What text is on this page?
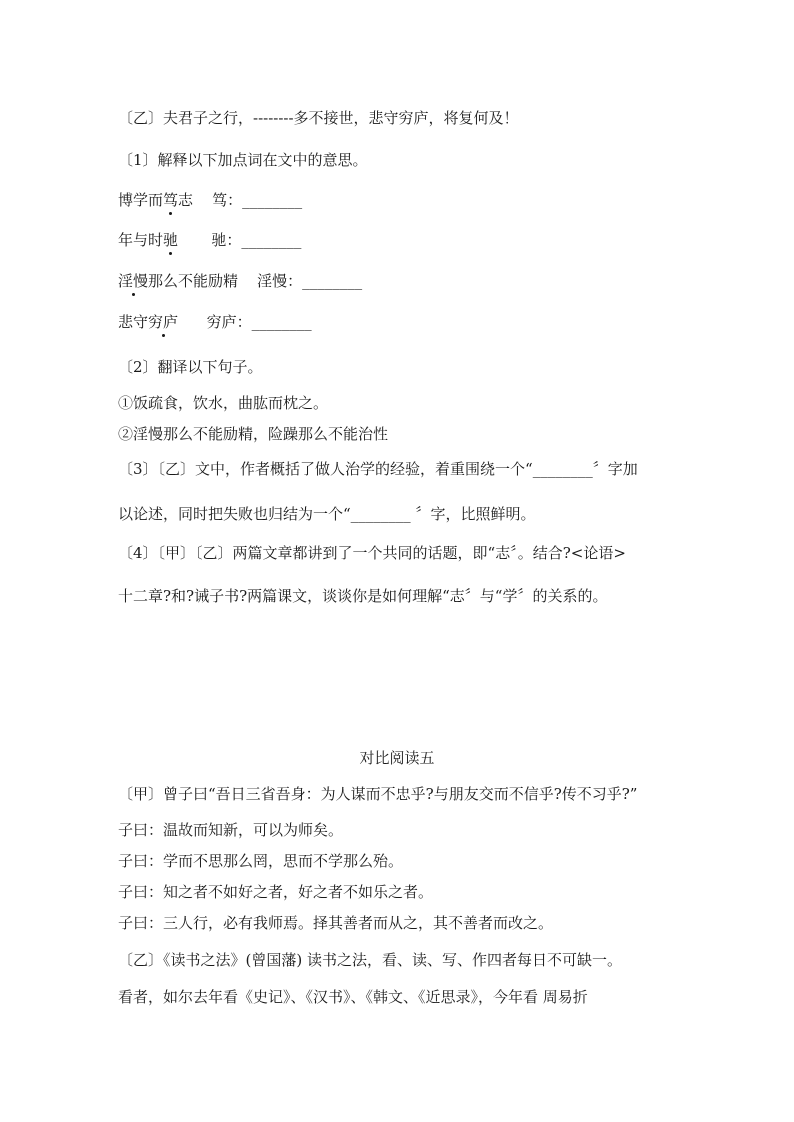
〔乙〕夫君子之行，--------多不接世，悲守穷庐，将复何及！
〔1〕解释以下加点词在文中的意思。
博学而笃志 笃：________
年与时驰 驰：________
淫慢那么不能励精 淫慢：________
悲守穷庐 穷庐：________
〔2〕翻译以下句子。
①饭疏食，饮水，曲肱而枕之。
②淫慢那么不能励精，险躁那么不能治性
〔3〕〔乙〕文中，作者概括了做人治学的经验，着重围绕一个“________〞字加
以论述，同时把失败也归结为一个“________ 〞字，比照鲜明。
〔4〕〔甲〕〔乙〕两篇文章都讲到了一个共同的话题，即“志〞。结合?<论语>
十二章?和?诫子书?两篇课文，谈谈你是如何理解“志〞与“学〞的关系的。
对比阅读五
〔甲〕曾子曰“吾日三省吾身：为人谋而不忠乎?与朋友交而不信乎?传不习乎?”
子曰：温故而知新，可以为师矣。
子曰：学而不思那么罔，思而不学那么殆。
子曰：知之者不如好之者，好之者不如乐之者。
子曰：三人行，必有我师焉。择其善者而从之，其不善者而改之。
〔乙〕《读书之法》(曾国藩) 读书之法，看、读、写、作四者每日不可缺一。
看者，如尔去年看《史记》、《汉书》、《韩文、《近思录》，今年看 周易折
